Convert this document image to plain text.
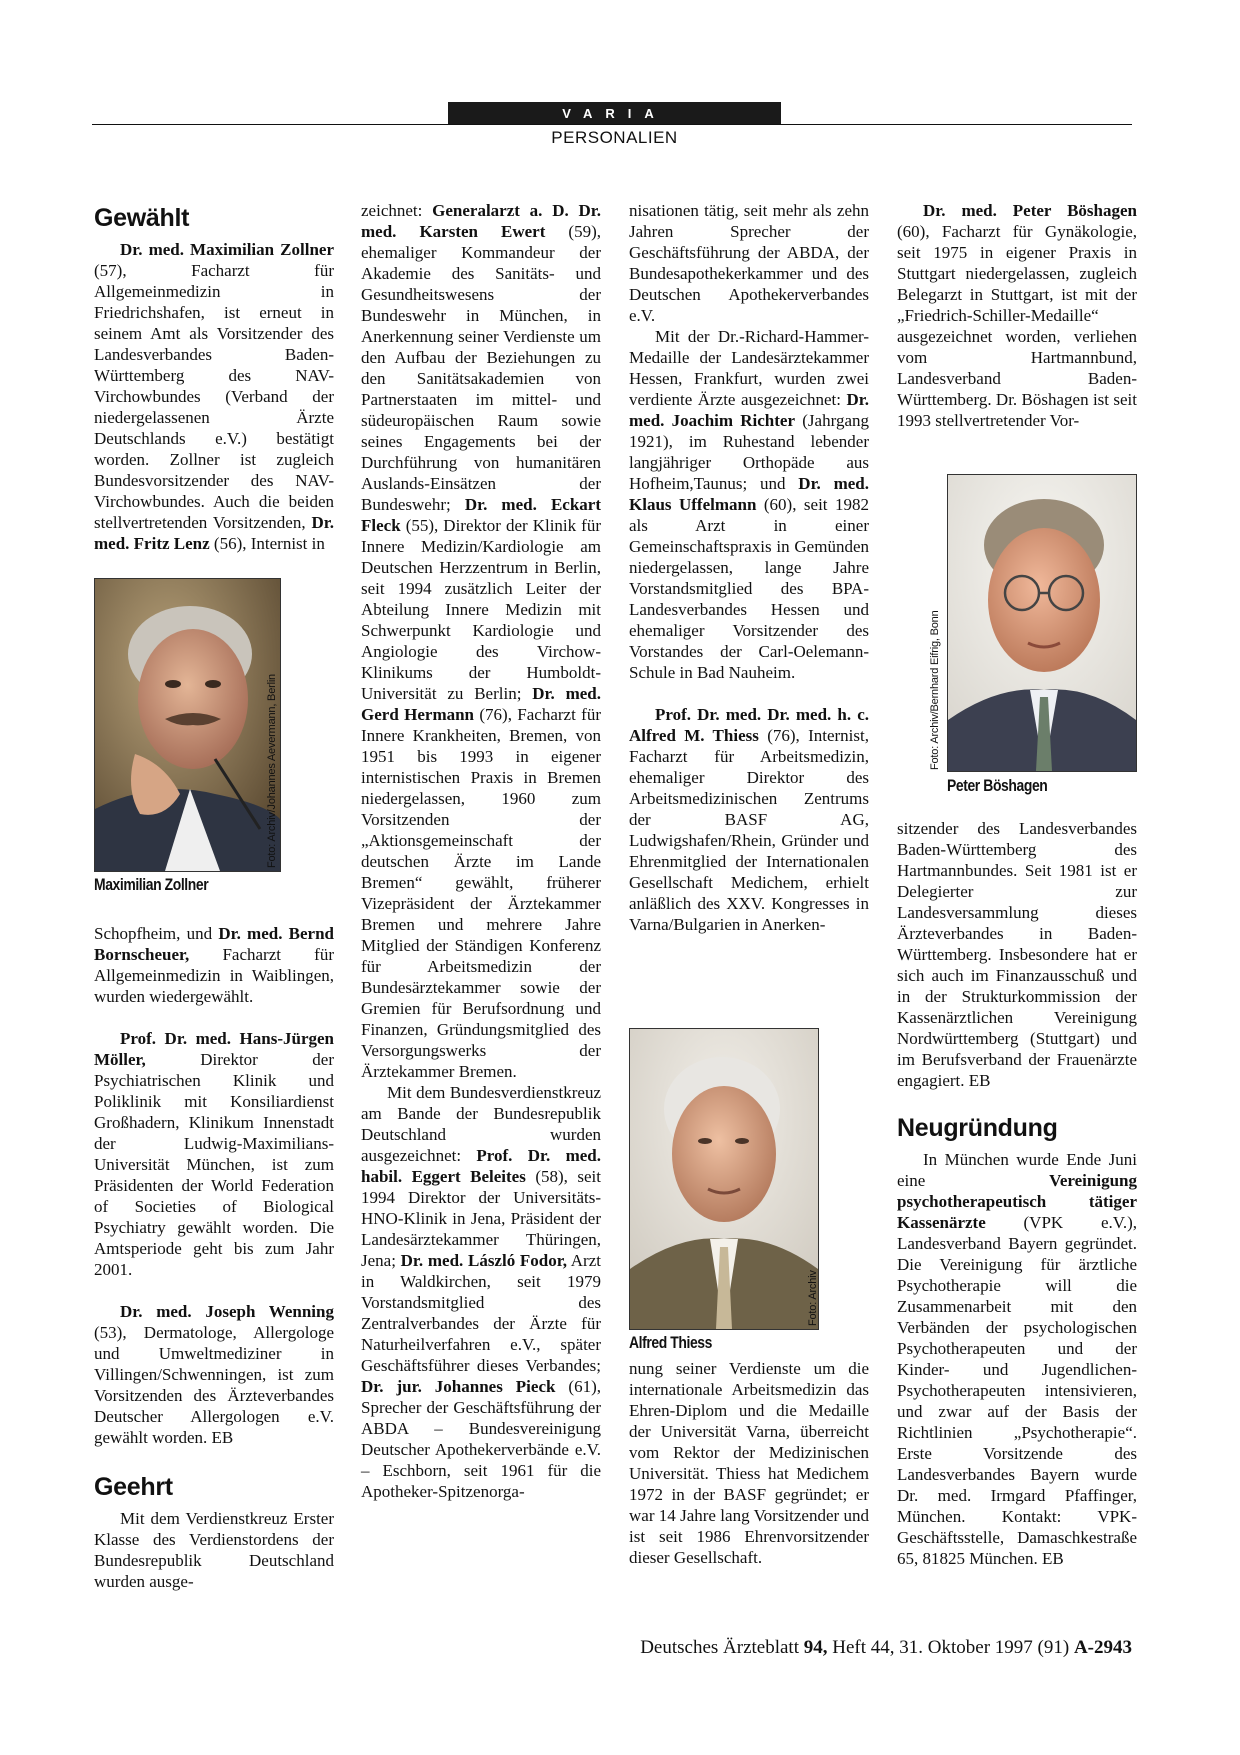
VARIA
PERSONALIEN
Gewählt

Dr. med. Maximilian Zollner (57), Facharzt für Allgemeinmedizin in Friedrichshafen, ist erneut in seinem Amt als Vorsitzender des Landesverbandes Baden-Württemberg des NAV-Virchowbundes (Verband der niedergelassenen Ärzte Deutschlands e.V.) bestätigt worden. Zollner ist zugleich Bundesvorsitzender des NAV-Virchowbundes. Auch die beiden stellvertretenden Vorsitzenden, Dr. med. Fritz Lenz (56), Internist in

Foto: Archiv/Johannes Aevermann, Berlin
Maximilian Zollner

Schopfheim, und Dr. med. Bernd Bornscheuer, Facharzt für Allgemeinmedizin in Waiblingen, wurden wiedergewählt.

Prof. Dr. med. Hans-Jürgen Möller, Direktor der Psychiatrischen Klinik und Poliklinik mit Konsiliardienst Großhadern, Klinikum Innenstadt der Ludwig-Maximilians-Universität München, ist zum Präsidenten der World Federation of Societies of Biological Psychiatry gewählt worden. Die Amtsperiode geht bis zum Jahr 2001.

Dr. med. Joseph Wenning (53), Dermatologe, Allergologe und Umweltmediziner in Villingen/Schwenningen, ist zum Vorsitzenden des Ärzteverbandes Deutscher Allergologen e.V. gewählt worden. EB

Geehrt

Mit dem Verdienstkreuz Erster Klasse des Verdienstordens der Bundesrepublik Deutschland wurden ausge-

zeichnet: Generalarzt a. D. Dr. med. Karsten Ewert (59), ehemaliger Kommandeur der Akademie des Sanitäts- und Gesundheitswesens der Bundeswehr in München, in Anerkennung seiner Verdienste um den Aufbau der Beziehungen zu den Sanitätsakademien von Partnerstaaten im mittel- und südeuropäischen Raum sowie seines Engagements bei der Durchführung von humanitären Auslands-Einsätzen der Bundeswehr; Dr. med. Eckart Fleck (55), Direktor der Klinik für Innere Medizin/Kardiologie am Deutschen Herzzentrum in Berlin, seit 1994 zusätzlich Leiter der Abteilung Innere Medizin mit Schwerpunkt Kardiologie und Angiologie des Virchow-Klinikums der Humboldt-Universität zu Berlin; Dr. med. Gerd Hermann (76), Facharzt für Innere Krankheiten, Bremen, von 1951 bis 1993 in eigener internistischen Praxis in Bremen niedergelassen, 1960 zum Vorsitzenden der „Aktionsgemeinschaft der deutschen Ärzte im Lande Bremen“ gewählt, früherer Vizepräsident der Ärztekammer Bremen und mehrere Jahre Mitglied der Ständigen Konferenz für Arbeitsmedizin der Bundesärztekammer sowie der Gremien für Berufsordnung und Finanzen, Gründungsmitglied des Versorgungswerks der Ärztekammer Bremen.

Mit dem Bundesverdienstkreuz am Bande der Bundesrepublik Deutschland wurden ausgezeichnet: Prof. Dr. med. habil. Eggert Beleites (58), seit 1994 Direktor der Universitäts-HNO-Klinik in Jena, Präsident der Landesärztekammer Thüringen, Jena; Dr. med. László Fodor, Arzt in Waldkirchen, seit 1979 Vorstandsmitglied des Zentralverbandes der Ärzte für Naturheilverfahren e.V., später Geschäftsführer dieses Verbandes; Dr. jur. Johannes Pieck (61), Sprecher der Geschäftsführung der ABDA – Bundesvereinigung Deutscher Apothekerverbände e.V. – Eschborn, seit 1961 für die Apotheker-Spitzenorga-

nisationen tätig, seit mehr als zehn Jahren Sprecher der Geschäftsführung der ABDA, der Bundesapothekerkammer und des Deutschen Apothekerverbandes e.V.

Mit der Dr.-Richard-Hammer-Medaille der Landesärztekammer Hessen, Frankfurt, wurden zwei verdiente Ärzte ausgezeichnet: Dr. med. Joachim Richter (Jahrgang 1921), im Ruhestand lebender langjähriger Orthopäde aus Hofheim,Taunus; und Dr. med. Klaus Uffelmann (60), seit 1982 als Arzt in einer Gemeinschaftspraxis in Gemünden niedergelassen, lange Jahre Vorstandsmitglied des BPA-Landesverbandes Hessen und ehemaliger Vorsitzender des Vorstandes der Carl-Oelemann-Schule in Bad Nauheim.

Prof. Dr. med. Dr. med. h. c. Alfred M. Thiess (76), Internist, Facharzt für Arbeitsmedizin, ehemaliger Direktor des Arbeitsmedizinischen Zentrums der BASF AG, Ludwigshafen/Rhein, Gründer und Ehrenmitglied der Internationalen Gesellschaft Medichem, erhielt anläßlich des XXV. Kongresses in Varna/Bulgarien in Anerken-

Foto: Archiv
Alfred Thiess

nung seiner Verdienste um die internationale Arbeitsmedizin das Ehren-Diplom und die Medaille der Universität Varna, überreicht vom Rektor der Medizinischen Universität. Thiess hat Medichem 1972 in der BASF gegründet; er war 14 Jahre lang Vorsitzender und ist seit 1986 Ehrenvorsitzender dieser Gesellschaft.

Dr. med. Peter Böshagen (60), Facharzt für Gynäkologie, seit 1975 in eigener Praxis in Stuttgart niedergelassen, zugleich Belegarzt in Stuttgart, ist mit der „Friedrich-Schiller-Medaille“ ausgezeichnet worden, verliehen vom Hartmannbund, Landesverband Baden-Württemberg. Dr. Böshagen ist seit 1993 stellvertretender Vor-

Foto: Archiv/Bernhard Eifrig, Bonn
Peter Böshagen

sitzender des Landesverbandes Baden-Württemberg des Hartmannbundes. Seit 1981 ist er Delegierter zur Landesversammlung dieses Ärzteverbandes in Baden-Württemberg. Insbesondere hat er sich auch im Finanzausschuß und in der Strukturkommission der Kassenärztlichen Vereinigung Nordwürttemberg (Stuttgart) und im Berufsverband der Frauenärzte engagiert. EB

Neugründung

In München wurde Ende Juni eine Vereinigung psychotherapeutisch tätiger Kassenärzte (VPK e.V.), Landesverband Bayern gegründet. Die Vereinigung für ärztliche Psychotherapie will die Zusammenarbeit mit den Verbänden der psychologischen Psychotherapeuten und der Kinder- und Jugendlichen-Psychotherapeuten intensivieren, und zwar auf der Basis der Richtlinien „Psychotherapie“. Erste Vorsitzende des Landesverbandes Bayern wurde Dr. med. Irmgard Pfaffinger, München. Kontakt: VPK-Geschäftsstelle, Damaschkestraße 65, 81825 München. EB

Deutsches Ärzteblatt 94, Heft 44, 31. Oktober 1997 (91) A-2943
